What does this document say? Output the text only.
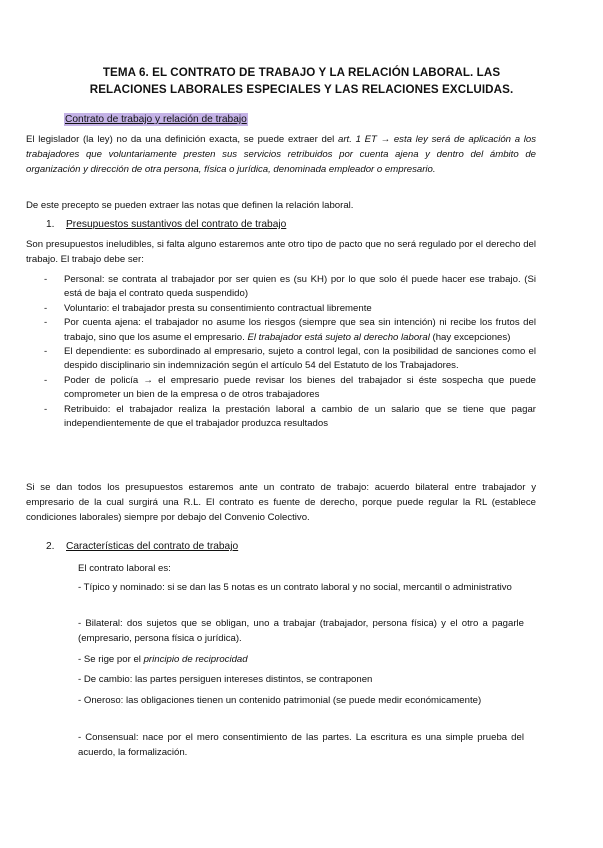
TEMA 6. EL CONTRATO DE TRABAJO Y LA RELACIÓN LABORAL. LAS
RELACIONES LABORALES ESPECIALES Y LAS RELACIONES EXCLUIDAS.
Contrato de trabajo y relación de trabajo
El legislador (la ley) no da una definición exacta, se puede extraer del art. 1 ET → esta ley será de aplicación a los trabajadores que voluntariamente presten sus servicios retribuidos por cuenta ajena y dentro del ámbito de organización y dirección de otra persona, física o jurídica, denominada empleador o empresario.
De este precepto se pueden extraer las notas que definen la relación laboral.
1. Presupuestos sustantivos del contrato de trabajo
Son presupuestos ineludibles, si falta alguno estaremos ante otro tipo de pacto que no será regulado por el derecho del trabajo. El trabajo debe ser:
- Personal: se contrata al trabajador por ser quien es (su KH) por lo que solo él puede hacer ese trabajo. (Si está de baja el contrato queda suspendido)
- Voluntario: el trabajador presta su consentimiento contractual libremente
- Por cuenta ajena: el trabajador no asume los riesgos (siempre que sea sin intención) ni recibe los frutos del trabajo, sino que los asume el empresario. El trabajador está sujeto al derecho laboral (hay excepciones)
- El dependiente: es subordinado al empresario, sujeto a control legal, con la posibilidad de sanciones como el despido disciplinario sin indemnización según el artículo 54 del Estatuto de los Trabajadores.
- Poder de policía → el empresario puede revisar los bienes del trabajador si éste sospecha que puede comprometer un bien de la empresa o de otros trabajadores
- Retribuido: el trabajador realiza la prestación laboral a cambio de un salario que se tiene que pagar independientemente de que el trabajador produzca resultados
Si se dan todos los presupuestos estaremos ante un contrato de trabajo: acuerdo bilateral entre trabajador y empresario de la cual surgirá una R.L. El contrato es fuente de derecho, porque puede regular la RL (establece condiciones laborales) siempre por debajo del Convenio Colectivo.
2. Características del contrato de trabajo
El contrato laboral es:
- Típico y nominado: si se dan las 5 notas es un contrato laboral y no social, mercantil o administrativo
- Bilateral: dos sujetos que se obligan, uno a trabajar (trabajador, persona física) y el otro a pagarle (empresario, persona física o jurídica).
- Se rige por el principio de reciprocidad
- De cambio: las partes persiguen intereses distintos, se contraponen
- Oneroso: las obligaciones tienen un contenido patrimonial (se puede medir económicamente)
- Consensual: nace por el mero consentimiento de las partes. La escritura es una simple prueba del acuerdo, la formalización.
